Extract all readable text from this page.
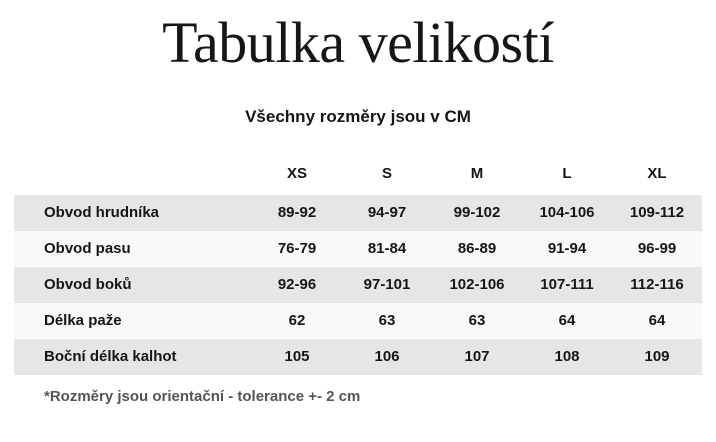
Tabulka velikostí
Všechny rozměry jsou v CM
	XS	S	M	L	XL
Obvod hrudníka	89-92	94-97	99-102	104-106	109-112
Obvod pasu	76-79	81-84	86-89	91-94	96-99
Obvod boků	92-96	97-101	102-106	107-111	112-116
Délka paže	62	63	63	64	64
Boční délka kalhot	105	106	107	108	109
*Rozměry jsou orientační - tolerance +- 2 cm
